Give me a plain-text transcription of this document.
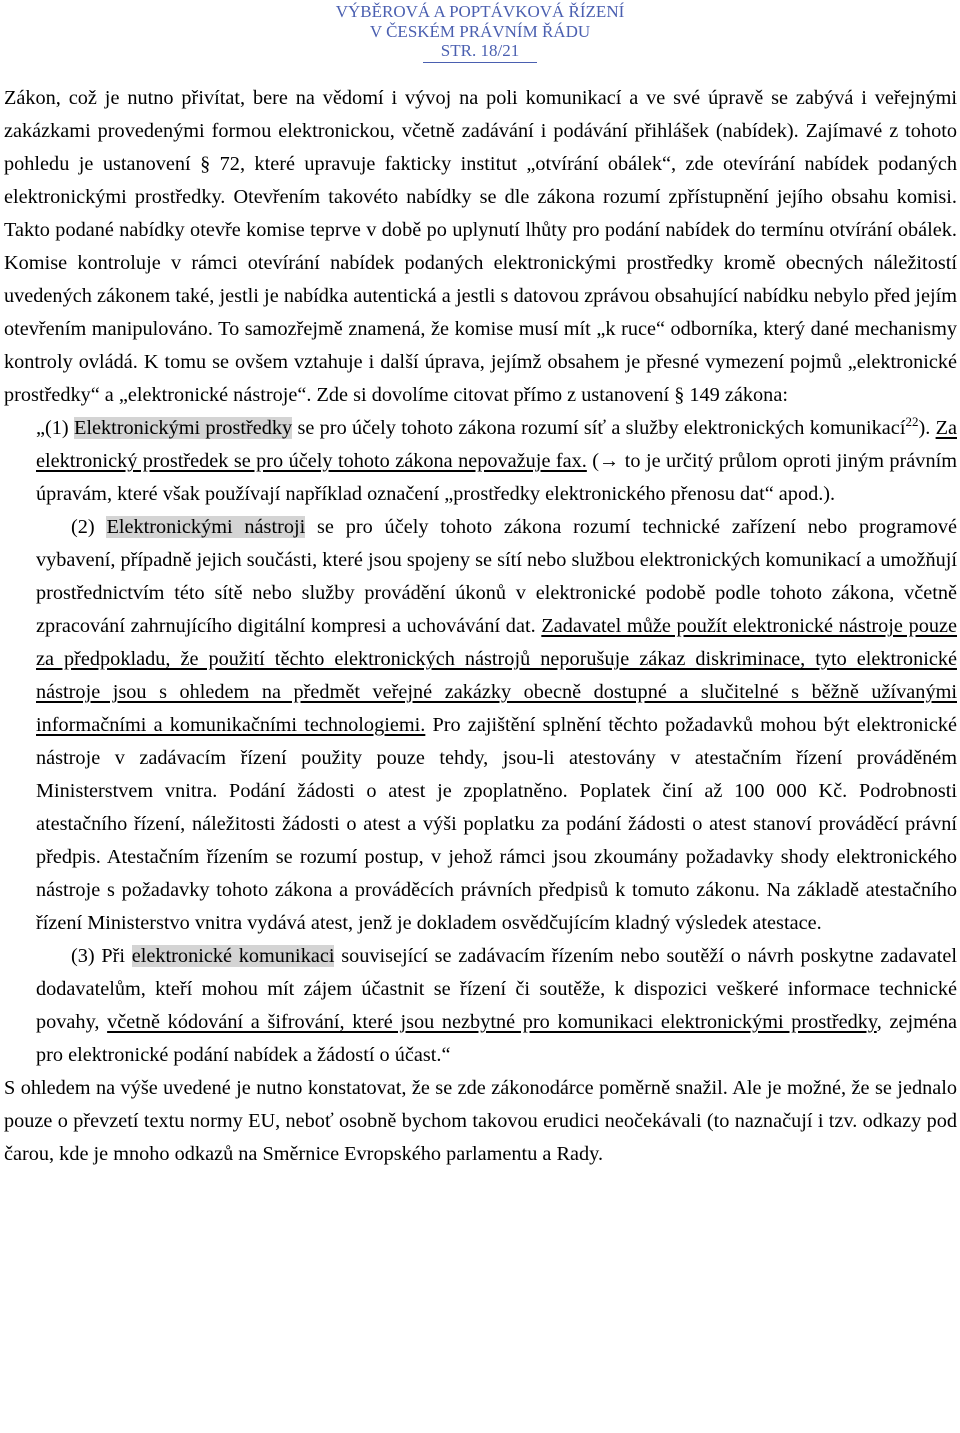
VÝBĚROVÁ A POPTÁVKOVÁ ŘÍZENÍ
V ČESKÉM PRÁVNÍM ŘÁDU
STR. 18/21

Zákon, což je nutno přivítat, bere na vědomí i vývoj na poli komunikací a ve své úpravě se zabývá i veřejnými zakázkami provedenými formou elektronickou, včetně zadávání i podávání přihlášek (nabídek). Zajímavé z tohoto pohledu je ustanovení § 72, které upravuje fakticky institut „otvírání obálek“, zde otevírání nabídek podaných elektronickými prostředky. Otevřením takovéto nabídky se dle zákona rozumí zpřístupnění jejího obsahu komisi. Takto podané nabídky otevře komise teprve v době po uplynutí lhůty pro podání nabídek do termínu otvírání obálek. Komise kontroluje v rámci otevírání nabídek podaných elektronickými prostředky kromě obecných náležitostí uvedených zákonem také, jestli je nabídka autentická a jestli s datovou zprávou obsahující nabídku nebylo před jejím otevřením manipulováno. To samozřejmě znamená, že komise musí mít „k ruce“ odborníka, který dané mechanismy kontroly ovládá. K tomu se ovšem vztahuje i další úprava, jejímž obsahem je přesné vymezení pojmů „elektronické prostředky“ a „elektronické nástroje“. Zde si dovolíme citovat přímo z ustanovení § 149 zákona:

„(1) Elektronickými prostředky se pro účely tohoto zákona rozumí síť a služby elektronických komunikací$^{22}$). Za elektronický prostředek se pro účely tohoto zákona nepovažuje fax. (→ to je určitý průlom oproti jiným právním úpravám, které však používají například označení „prostředky elektronického přenosu dat“ apod.).

(2) Elektronickými nástroji se pro účely tohoto zákona rozumí technické zařízení nebo programové vybavení, případně jejich součásti, které jsou spojeny se sítí nebo službou elektronických komunikací a umožňují prostřednictvím této sítě nebo služby provádění úkonů v elektronické podobě podle tohoto zákona, včetně zpracování zahrnujícího digitální kompresi a uchovávání dat. Zadavatel může použít elektronické nástroje pouze za předpokladu, že použití těchto elektronických nástrojů neporušuje zákaz diskriminace, tyto elektronické nástroje jsou s ohledem na předmět veřejné zakázky obecně dostupné a slučitelné s běžně užívanými informačními a komunikačními technologiemi. Pro zajištění splnění těchto požadavků mohou být elektronické nástroje v zadávacím řízení použity pouze tehdy, jsou-li atestovány v atestačním řízení prováděném Ministerstvem vnitra. Podání žádosti o atest je zpoplatněno. Poplatek činí až 100 000 Kč. Podrobnosti atestačního řízení, náležitosti žádosti o atest a výši poplatku za podání žádosti o atest stanoví prováděcí právní předpis. Atestačním řízením se rozumí postup, v jehož rámci jsou zkoumány požadavky shody elektronického nástroje s požadavky tohoto zákona a prováděcích právních předpisů k tomuto zákonu. Na základě atestačního řízení Ministerstvo vnitra vydává atest, jenž je dokladem osvědčujícím kladný výsledek atestace.

(3) Při elektronické komunikaci související se zadávacím řízením nebo soutěží o návrh poskytne zadavatel dodavatelům, kteří mohou mít zájem účastnit se řízení či soutěže, k dispozici veškeré informace technické povahy, včetně kódování a šifrování, které jsou nezbytné pro komunikaci elektronickými prostředky, zejména pro elektronické podání nabídek a žádostí o účast.“

S ohledem na výše uvedené je nutno konstatovat, že se zde zákonodárce poměrně snažil. Ale je možné, že se jednalo pouze o převzetí textu normy EU, neboť osobně bychom takovou erudici neočekávali (to naznačují i tzv. odkazy pod čarou, kde je mnoho odkazů na Směrnice Evropského parlamentu a Rady.
